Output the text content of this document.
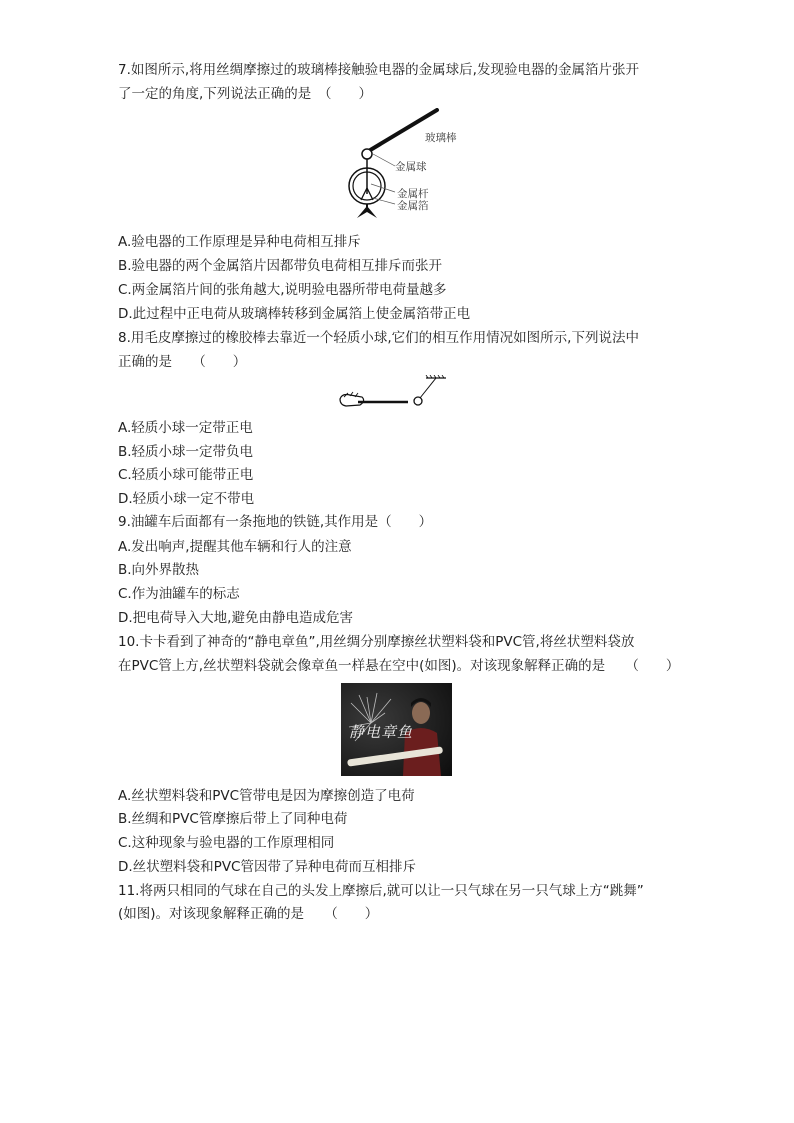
7.如图所示,将用丝绸摩擦过的玻璃棒接触验电器的金属球后,发现验电器的金属箔片张开
了一定的角度,下列说法正确的是　（　　）
玻璃棒
金属球
金属杆
金属箔
A.验电器的工作原理是异种电荷相互排斥
B.验电器的两个金属箔片因都带负电荷相互排斥而张开
C.两金属箔片间的张角越大,说明验电器所带电荷量越多
D.此过程中正电荷从玻璃棒转移到金属箔上使金属箔带正电
8.用毛皮摩擦过的橡胶棒去靠近一个轻质小球,它们的相互作用情况如图所示,下列说法中
正确的是　　（　　）
A.轻质小球一定带正电
B.轻质小球一定带负电
C.轻质小球可能带正电
D.轻质小球一定不带电
9.油罐车后面都有一条拖地的铁链,其作用是（　　）
A.发出响声,提醒其他车辆和行人的注意
B.向外界散热
C.作为油罐车的标志
D.把电荷导入大地,避免由静电造成危害
10.卡卡看到了神奇的“静电章鱼”,用丝绸分别摩擦丝状塑料袋和PVC管,将丝状塑料袋放
在PVC管上方,丝状塑料袋就会像章鱼一样悬在空中(如图)。对该现象解释正确的是　　（　　）
静电章鱼
A.丝状塑料袋和PVC管带电是因为摩擦创造了电荷
B.丝绸和PVC管摩擦后带上了同种电荷
C.这种现象与验电器的工作原理相同
D.丝状塑料袋和PVC管因带了异种电荷而互相排斥
11.将两只相同的气球在自己的头发上摩擦后,就可以让一只气球在另一只气球上方“跳舞”
(如图)。对该现象解释正确的是　　（　　）
